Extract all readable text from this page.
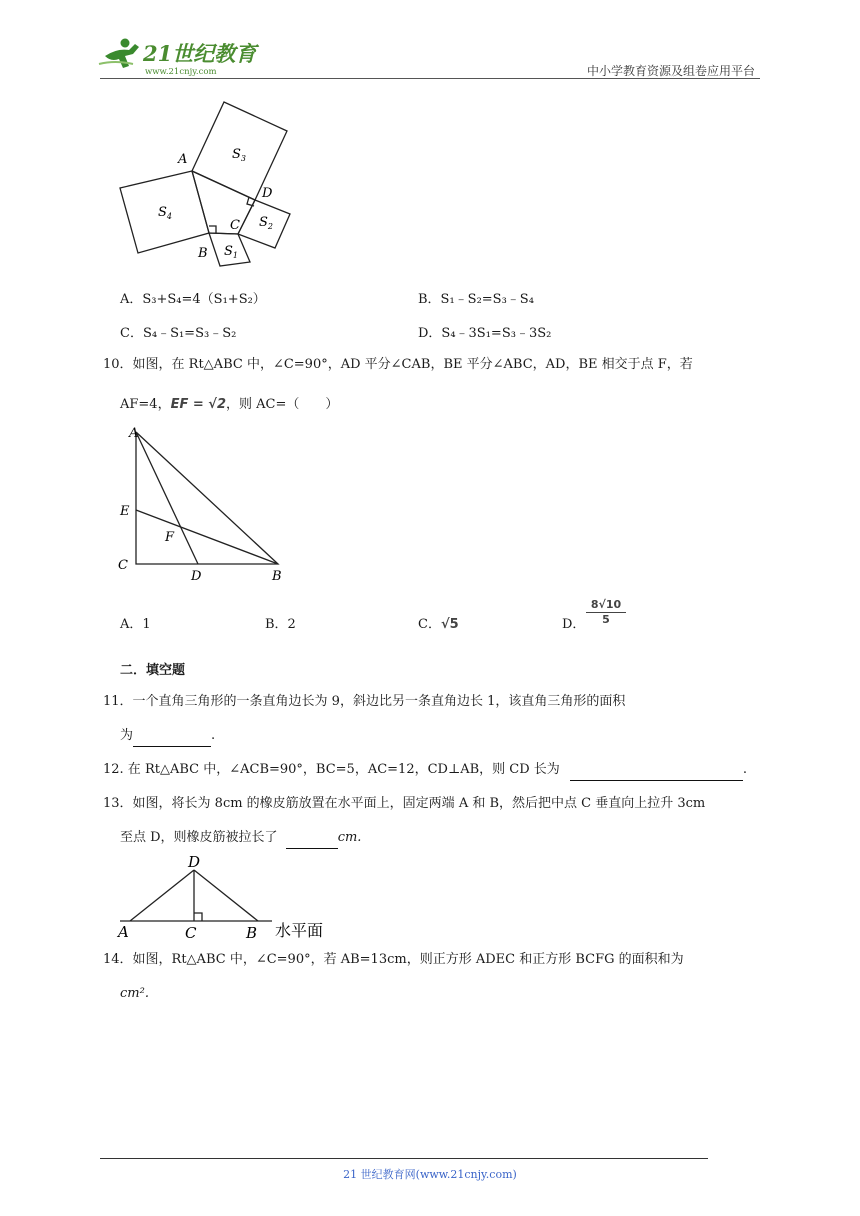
21世纪教育
www.21cnjy.com	中小学教育资源及组卷应用平台
A
D
C
B
$S_3$
$S_4$	$S_2$
$S_1$
A．S₃+S₄=4（S₁+S₂）	B．S₁﹣S₂=S₃﹣S₄
C．S₄﹣S₁=S₃﹣S₂	D．S₄﹣3S₁=S₃﹣3S₂
10．如图，在 Rt△ABC 中，∠C=90°，AD 平分∠CAB，BE 平分∠ABC，AD，BE 相交于点 F，若
AF=4，EF = √2，则 AC=（　　）
A
E
F
C
D	B
A．1	B．2	C．√5	D．
8√10
5
二．填空题
11．一个直角三角形的一条直角边长为 9，斜边比另一条直角边长 1，该直角三角形的面积
为	.
12. 在 Rt△ABC 中，∠ACB=90°，BC=5，AC=12，CD⊥AB，则 CD 长为	.
13．如图，将长为 8cm 的橡皮筋放置在水平面上，固定两端 A 和 B，然后把中点 C 垂直向上拉升 3cm
至点 D，则橡皮筋被拉长了	cm.
D
A	C	B 水平面
14．如图，Rt△ABC 中，∠C=90°，若 AB=13cm，则正方形 ADEC 和正方形 BCFG 的面积和为
cm².
21 世纪教育网(www.21cnjy.com)
